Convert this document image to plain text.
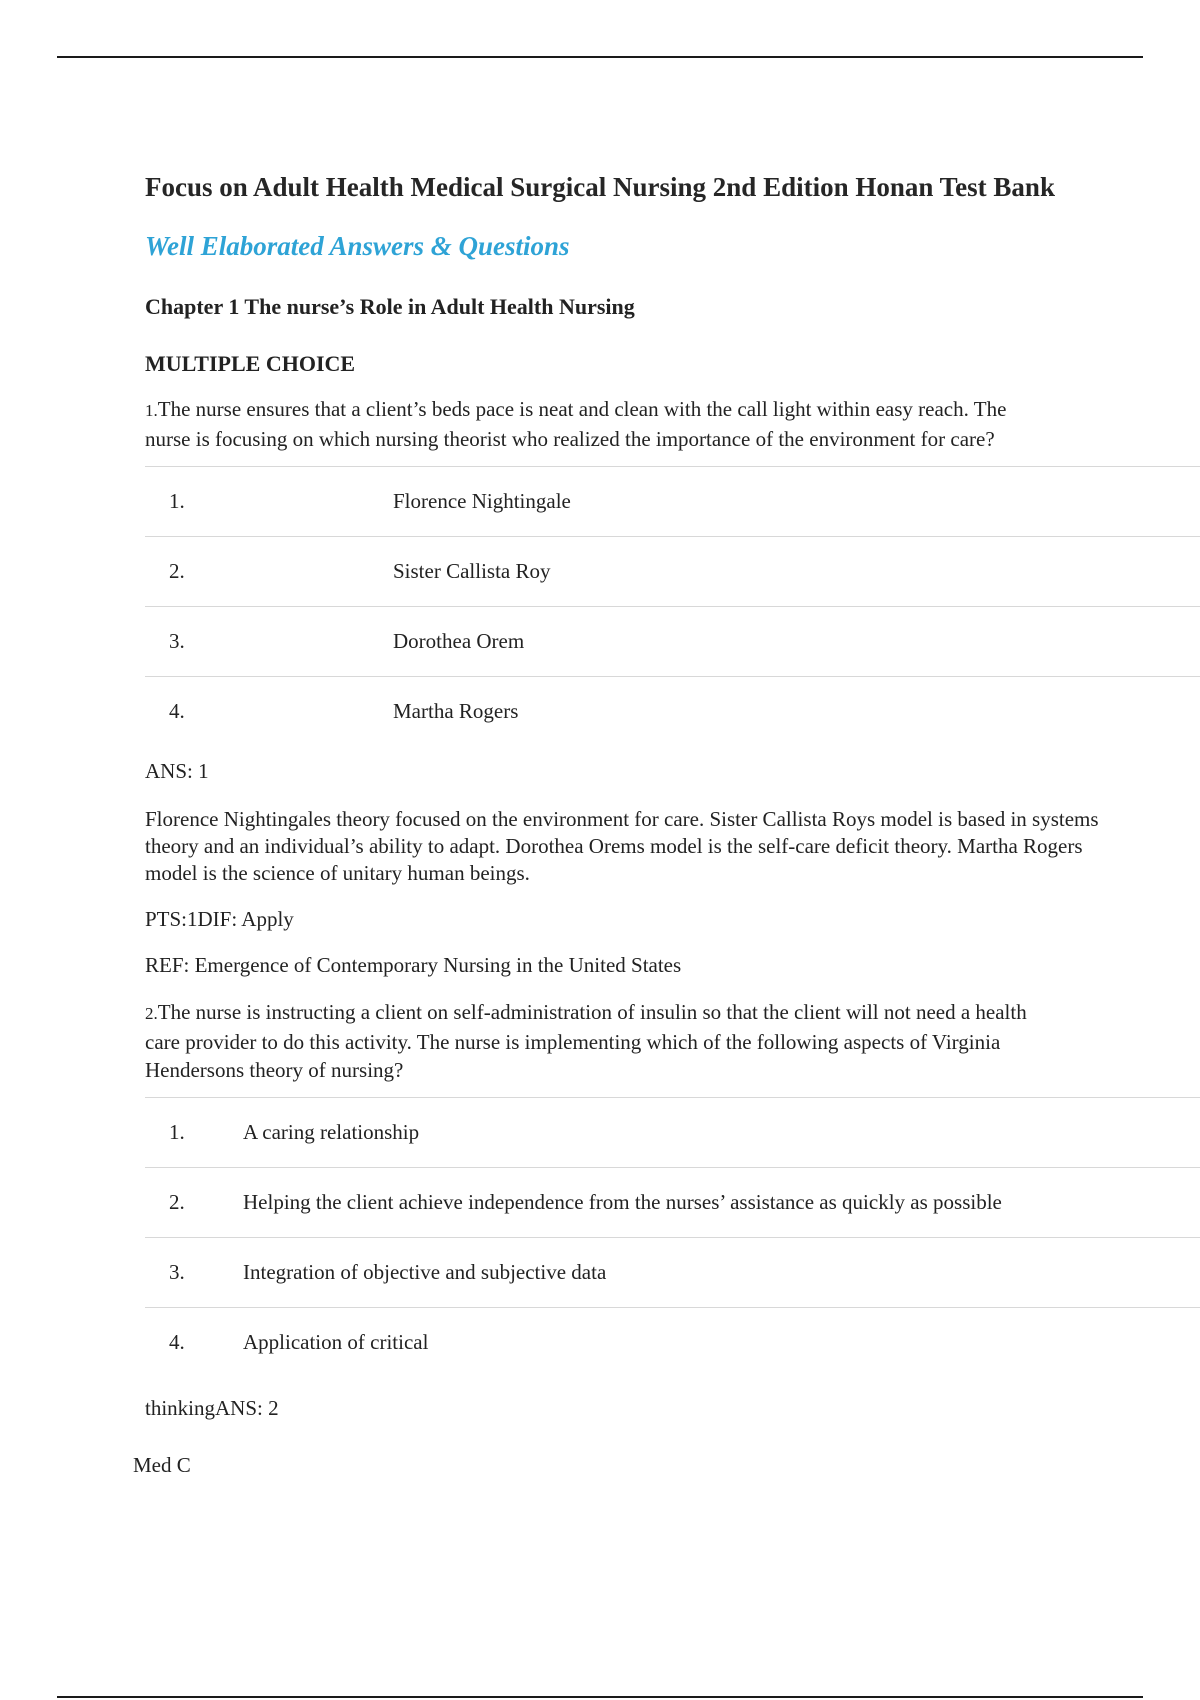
Focus on Adult Health Medical Surgical Nursing 2nd Edition Honan Test Bank
Well Elaborated Answers & Questions
Chapter 1 The nurse’s Role in Adult Health Nursing
MULTIPLE CHOICE

1.The nurse ensures that a client’s beds pace is neat and clean with the call light within easy reach. The nurse is focusing on which nursing theorist who realized the importance of the environment for care?

1.	Florence Nightingale
2.	Sister Callista Roy
3.	Dorothea Orem
4.	Martha Rogers

ANS: 1

Florence Nightingales theory focused on the environment for care. Sister Callista Roys model is based in systems theory and an individual’s ability to adapt. Dorothea Orems model is the self-care deficit theory. Martha Rogers model is the science of unitary human beings.

PTS:1DIF: Apply

REF: Emergence of Contemporary Nursing in the United States

2.The nurse is instructing a client on self-administration of insulin so that the client will not need a health care provider to do this activity. The nurse is implementing which of the following aspects of Virginia Hendersons theory of nursing?

1.	A caring relationship
2.	Helping the client achieve independence from the nurses’ assistance as quickly as possible
3.	Integration of objective and subjective data
4.	Application of critical

thinkingANS: 2

Med C
